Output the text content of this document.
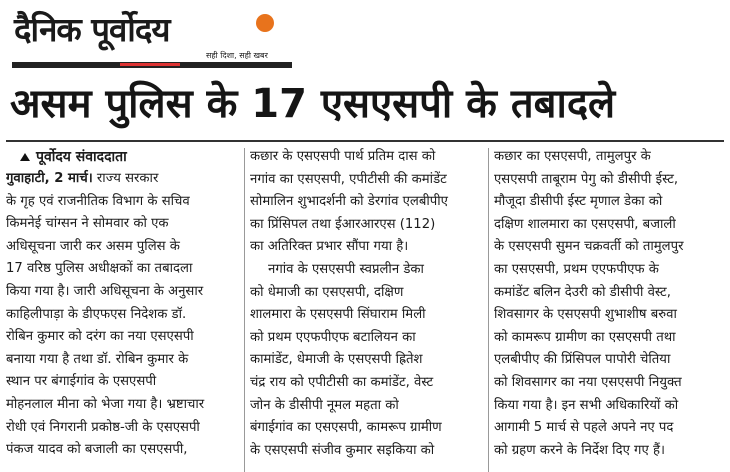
दैनिक पूर्वोदय
सही दिशा, सही खबर
असम पुलिस के 17 एसएसपी के तबादले
पूर्वोदय संवाददाता
गुवाहाटी, 2 मार्च। राज्य सरकार
के गृह एवं राजनीतिक विभाग के सचिव
किमनेई चांग्सन ने सोमवार को एक
अधिसूचना जारी कर असम पुलिस के
17 वरिष्ठ पुलिस अधीक्षकों का तबादला
किया गया है। जारी अधिसूचना के अनुसार
काहिलीपाड़ा के डीएफएस निदेशक डॉ.
रोबिन कुमार को दरंग का नया एसएसपी
बनाया गया है तथा डॉ. रोबिन कुमार के
स्थान पर बंगाईगांव के एसएसपी
मोहनलाल मीना को भेजा गया है। भ्रष्टाचार
रोधी एवं निगरानी प्रकोष्ठ-जी के एसएसपी
पंकज यादव को बजाली का एसएसपी,
कछार के एसएसपी पार्थ प्रतिम दास को
नगांव का एसएसपी, एपीटीसी की कमांडेंट
सोमालिन शुभादर्शनी को डेरगांव एलबीपीए
का प्रिंसिपल तथा ईआरआरएस (112)
का अतिरिक्त प्रभार सौंपा गया है।
नगांव के एसएसपी स्वप्नलीन डेका
को धेमाजी का एसएसपी, दक्षिण
शालमारा के एसएसपी सिंघाराम मिली
को प्रथम एएफपीएफ बटालियन का
कामांडेंट, धेमाजी के एसएसपी ह्रितेश
चंद्र राय को एपीटीसी का कमांडेंट, वेस्ट
जोन के डीसीपी नूमल महता को
बंगाईगांव का एसएसपी, कामरूप ग्रामीण
के एसएसपी संजीव कुमार सइकिया को
कछार का एसएसपी, तामुलपुर के
एसएसपी ताबूराम पेगु को डीसीपी ईस्ट,
मौजूदा डीसीपी ईस्ट मृणाल डेका को
दक्षिण शालमारा का एसएसपी, बजाली
के एसएसपी सुमन चक्रवर्ती को तामुलपुर
का एसएसपी, प्रथम एएफपीएफ के
कमांडेंट बलिन देउरी को डीसीपी वेस्ट,
शिवसागर के एसएसपी शुभाशीष बरुवा
को कामरूप ग्रामीण का एसएसपी तथा
एलबीपीए की प्रिंसिपल पापोरी चेतिया
को शिवसागर का नया एसएसपी नियुक्त
किया गया है। इन सभी अधिकारियों को
आगामी 5 मार्च से पहले अपने नए पद
को ग्रहण करने के निर्देश दिए गए हैं।
